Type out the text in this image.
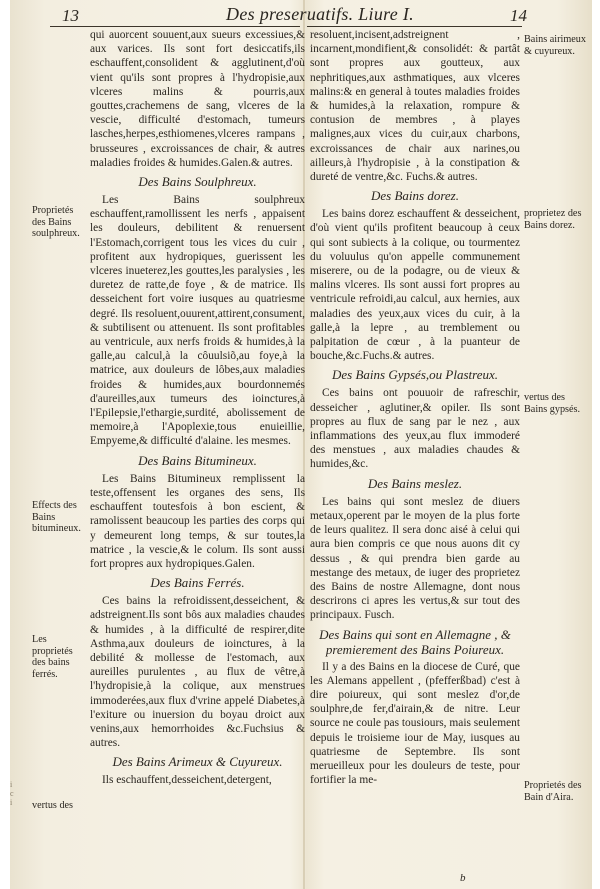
i
c
i
13	Des preseruatifs. Liure I.	14

qui auorcent souuent,aux sueurs excessiues,& aux varices. Ils sont fort desiccatifs,ils eschauffent,consolident & agglutinent,d'où vient qu'ils sont propres à l'hydropisie,aux vlceres malins & pourris,aux gouttes,crachemens de sang, vlceres de la vescie, difficulté d'estomach, tumeurs lasches,herpes,esthiomenes,vlceres rampans , brusseures , excroissances de chair, & autres maladies froides & humides.Galen.& autres.

Des Bains Soulphreux.

Les Bains soulphreux eschauffent,ramollissent les nerfs , appaisent les douleurs, debilitent & renuersent l'Estomach,corrigent tous les vices du cuir , profitent aux hydropiques, guerissent les vlceres inueterez,les gouttes,les paralysies , les duretez de ratte,de foye , & de matrice. Ils desseichent fort voire iusques au quatriesme degré. Ils resoluent,ouurent,attirent,consument, & subtilisent ou attenuent. Ils sont profitables au ventricule, aux nerfs froids & humides,à la galle,au calcul,à la côuulsiõ,au foye,à la matrice, aux douleurs de lôbes,aux maladies froides & humides,aux bourdonnemés d'aureilles,aux tumeurs des ioinctures,à l'Epilepsie,l'ethargie,surdité, abolissement de memoire,à l'Apoplexie,tous enuieillie, Empyeme,& difficulté d'alaine. les mesmes.

Des Bains Bitumineux.

Les Bains Bitumineux remplissent la teste,offensent les organes des sens, Ils eschauffent toutesfois à bon escient, & ramolissent beaucoup les parties des corps qui y demeurent long temps, & sur toutes,la matrice , la vescie,& le colum. Ils sont aussi fort propres aux hydropiques.Galen.

Des Bains Ferrés.

Ces bains la refroidissent,desseichent, & adstreignent.Ils sont bôs aux maladies chaudes & humides , à la difficulté de respirer,dite Asthma,aux douleurs de ioinctures, à la debilité & mollesse de l'estomach, aux aureilles purulentes , au flux de vêtre,à l'hydropisie,à la colique, aux menstrues immoderées,aux flux d'vrine appelé Diabetes,à l'exiture ou inuersion du boyau droict aux venins,aux hemorrhoides &c.Fuchsius & autres.

Des Bains Arimeux & Cuyureux.

Ils eschauffent,desseichent,detergent,

resoluent,incisent,adstreignent , incarnent,mondifient,& consolidét: & partât sont propres aux goutteux, aux nephritiques,aux asthmatiques, aux vlceres malins:& en general à toutes maladies froides & humides,à la relaxation, rompure & contusion de membres , à playes malignes,aux vices du cuir,aux charbons, excroissances de chair aux narines,ou ailleurs,à l'hydropisie , à la constipation & dureté de ventre,&c. Fuchs.& autres.

Des Bains dorez.

Les bains dorez eschauffent & desseichent, d'où vient qu'ils profitent beaucoup à ceux qui sont subiects à la colique, ou tourmentez du voluulus qu'on appelle communement miserere, ou de la podagre, ou de vieux & malins vlceres. Ils sont aussi fort propres au ventricule refroidi,au calcul, aux hernies, aux maladies des yeux,aux vices du cuir, à la galle,à la lepre , au tremblement ou palpitation de cœur , à la puanteur de bouche,&c.Fuchs.& autres.

Des Bains Gypsés,ou Plastreux.

Ces bains ont pouuoir de rafreschir, desseicher , aglutiner,& opiler. Ils sont propres au flux de sang par le nez , aux inflammations des yeux,au flux immoderé des menstues , aux maladies chaudes & humides,&c.

Des Bains meslez.

Les bains qui sont meslez de diuers metaux,operent par le moyen de la plus forte de leurs qualitez. Il sera donc aisé à celui qui aura bien compris ce que nous auons dit cy dessus , & qui prendra bien garde au mestange des metaux, de iuger des proprietez des Bains de nostre Allemagne, dont nous descrirons ci apres les vertus,& sur tout des principaux. Fusch.

Des Bains qui sont en Allemagne , & premierement des Bains Poiureux.

Il y a des Bains en la diocese de Curé, que les Alemans appellent , (pfefferßbad) c'est à dire poiureux, qui sont meslez d'or,de soulphre,de fer,d'airain,& de nitre. Leur source ne coule pas tousiours, mais seulement depuis le troisieme iour de May, iusques au quatriesme de Septembre. Ils sont merueilleux pour les douleurs de teste, pour fortifier la me-

Proprietés des Bains soulphreux.
Effects des Bains bitumineux.
Les proprietés des bains ferrés.
vertus des
Bains airimeux & cuyureux.
proprietez des Bains dorez.
vertus des Bains gypsés.
Proprietés des Bain d'Aira.
b
